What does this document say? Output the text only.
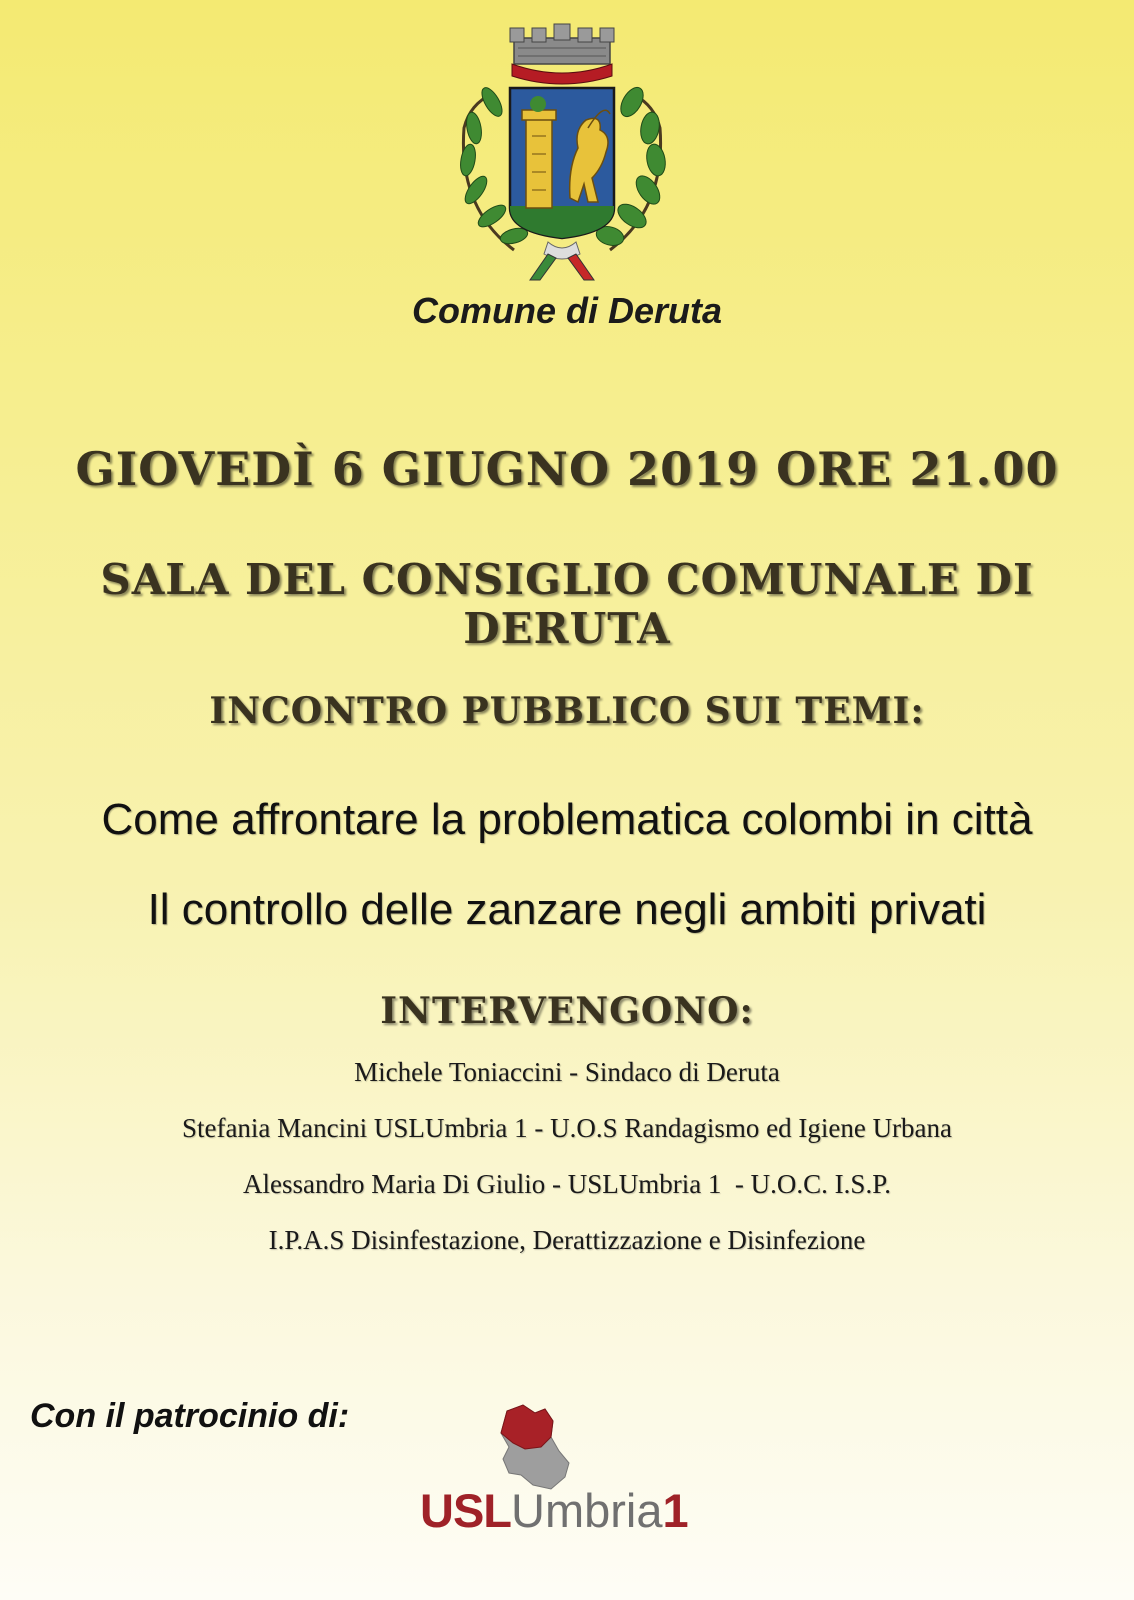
Comune di Deruta
GIOVEDÌ 6 GIUGNO 2019 ORE 21.00
SALA DEL CONSIGLIO COMUNALE DI DERUTA
INCONTRO PUBBLICO SUI TEMI:
Come affrontare la problematica colombi in città
Il controllo delle zanzare negli ambiti privati
INTERVENGONO:
Michele Toniaccini - Sindaco di Deruta
Stefania Mancini USLUmbria 1 - U.O.S Randagismo ed Igiene Urbana
Alessandro Maria Di Giulio - USLUmbria 1  - U.O.C. I.S.P.
I.P.A.S Disinfestazione, Derattizzazione e Disinfezione
Con il patrocinio di:
USLUmbria1
